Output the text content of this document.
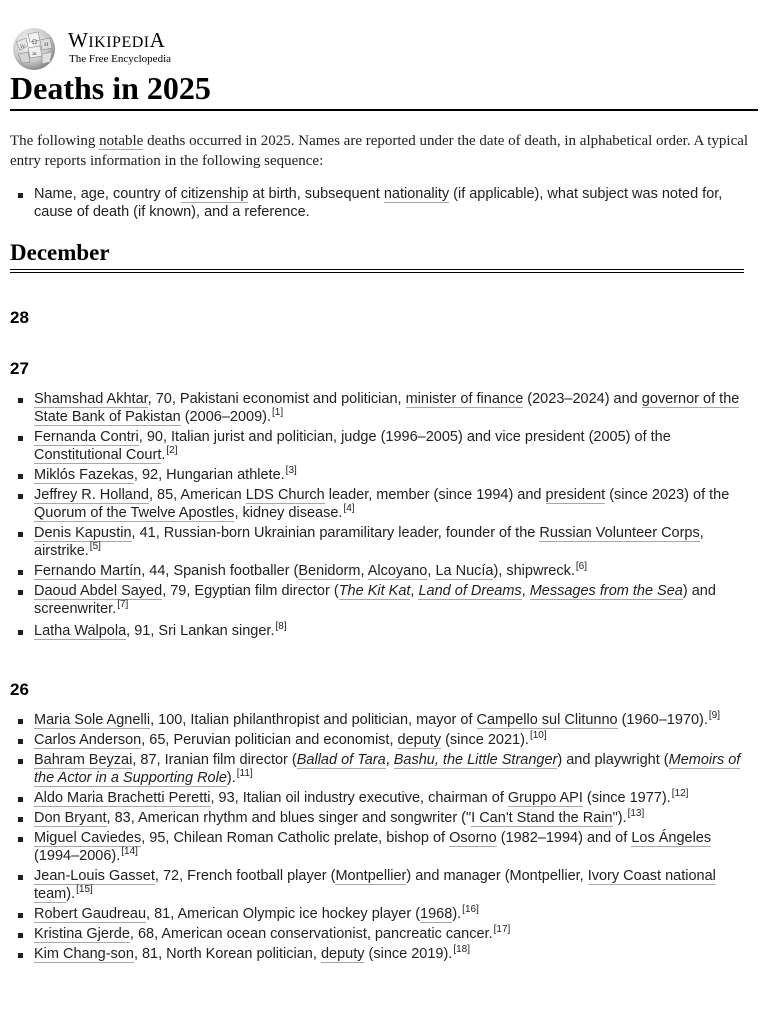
Ω
W	И
ж
WIKIPEDIA
The Free Encyclopedia
Deaths in 2025

The following notable deaths occurred in 2025. Names are reported under the date of death, in alphabetical order. A typical entry reports information in the following sequence:

Name, age, country of citizenship at birth, subsequent nationality (if applicable), what subject was noted for, cause of death (if known), and a reference.
December
28
27
Shamshad Akhtar, 70, Pakistani economist and politician, minister of finance (2023–2024) and governor of the State Bank of Pakistan (2006–2009).[1]
Fernanda Contri, 90, Italian jurist and politician, judge (1996–2005) and vice president (2005) of the Constitutional Court.[2]
Miklós Fazekas, 92, Hungarian athlete.[3]
Jeffrey R. Holland, 85, American LDS Church leader, member (since 1994) and president (since 2023) of the Quorum of the Twelve Apostles, kidney disease.[4]
Denis Kapustin, 41, Russian-born Ukrainian paramilitary leader, founder of the Russian Volunteer Corps, airstrike.[5]
Fernando Martín, 44, Spanish footballer (Benidorm, Alcoyano, La Nucía), shipwreck.[6]
Daoud Abdel Sayed, 79, Egyptian film director (The Kit Kat, Land of Dreams, Messages from the Sea) and screenwriter.[7]
Latha Walpola, 91, Sri Lankan singer.[8]
26
Maria Sole Agnelli, 100, Italian philanthropist and politician, mayor of Campello sul Clitunno (1960–1970).[9]
Carlos Anderson, 65, Peruvian politician and economist, deputy (since 2021).[10]
Bahram Beyzai, 87, Iranian film director (Ballad of Tara, Bashu, the Little Stranger) and playwright (Memoirs of the Actor in a Supporting Role).[11]
Aldo Maria Brachetti Peretti, 93, Italian oil industry executive, chairman of Gruppo API (since 1977).[12]
Don Bryant, 83, American rhythm and blues singer and songwriter ("I Can't Stand the Rain").[13]
Miguel Caviedes, 95, Chilean Roman Catholic prelate, bishop of Osorno (1982–1994) and of Los Ángeles (1994–2006).[14]
Jean-Louis Gasset, 72, French football player (Montpellier) and manager (Montpellier, Ivory Coast national team).[15]
Robert Gaudreau, 81, American Olympic ice hockey player (1968).[16]
Kristina Gjerde, 68, American ocean conservationist, pancreatic cancer.[17]
Kim Chang-son, 81, North Korean politician, deputy (since 2019).[18]
